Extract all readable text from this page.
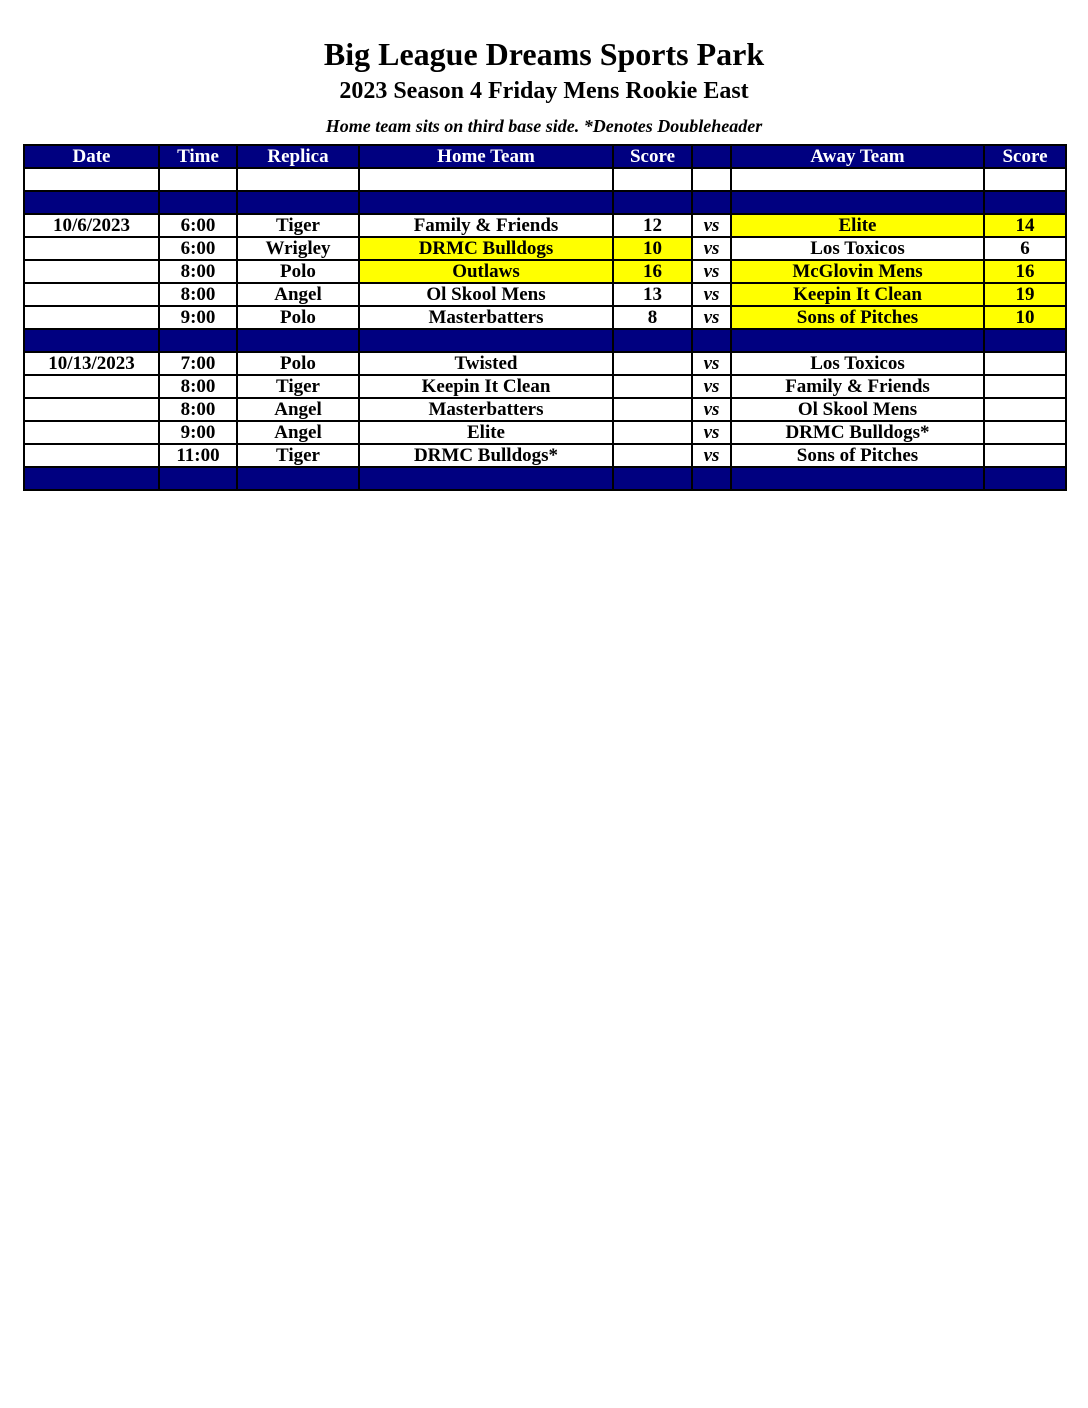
Big League Dreams Sports Park
2023 Season 4 Friday Mens Rookie East
Home team sits on third base side. *Denotes Doubleheader
Date	Time	Replica	Home Team	Score		Away Team	Score

10/6/2023	6:00	Tiger	Family & Friends	12	vs	Elite	14
	6:00	Wrigley	DRMC Bulldogs	10	vs	Los Toxicos	6
	8:00	Polo	Outlaws	16	vs	McGlovin Mens	16
	8:00	Angel	Ol Skool Mens	13	vs	Keepin It Clean	19
	9:00	Polo	Masterbatters	8	vs	Sons of Pitches	10

10/13/2023	7:00	Polo	Twisted		vs	Los Toxicos	
	8:00	Tiger	Keepin It Clean		vs	Family & Friends	
	8:00	Angel	Masterbatters		vs	Ol Skool Mens	
	9:00	Angel	Elite		vs	DRMC Bulldogs*	
	11:00	Tiger	DRMC Bulldogs*		vs	Sons of Pitches	
